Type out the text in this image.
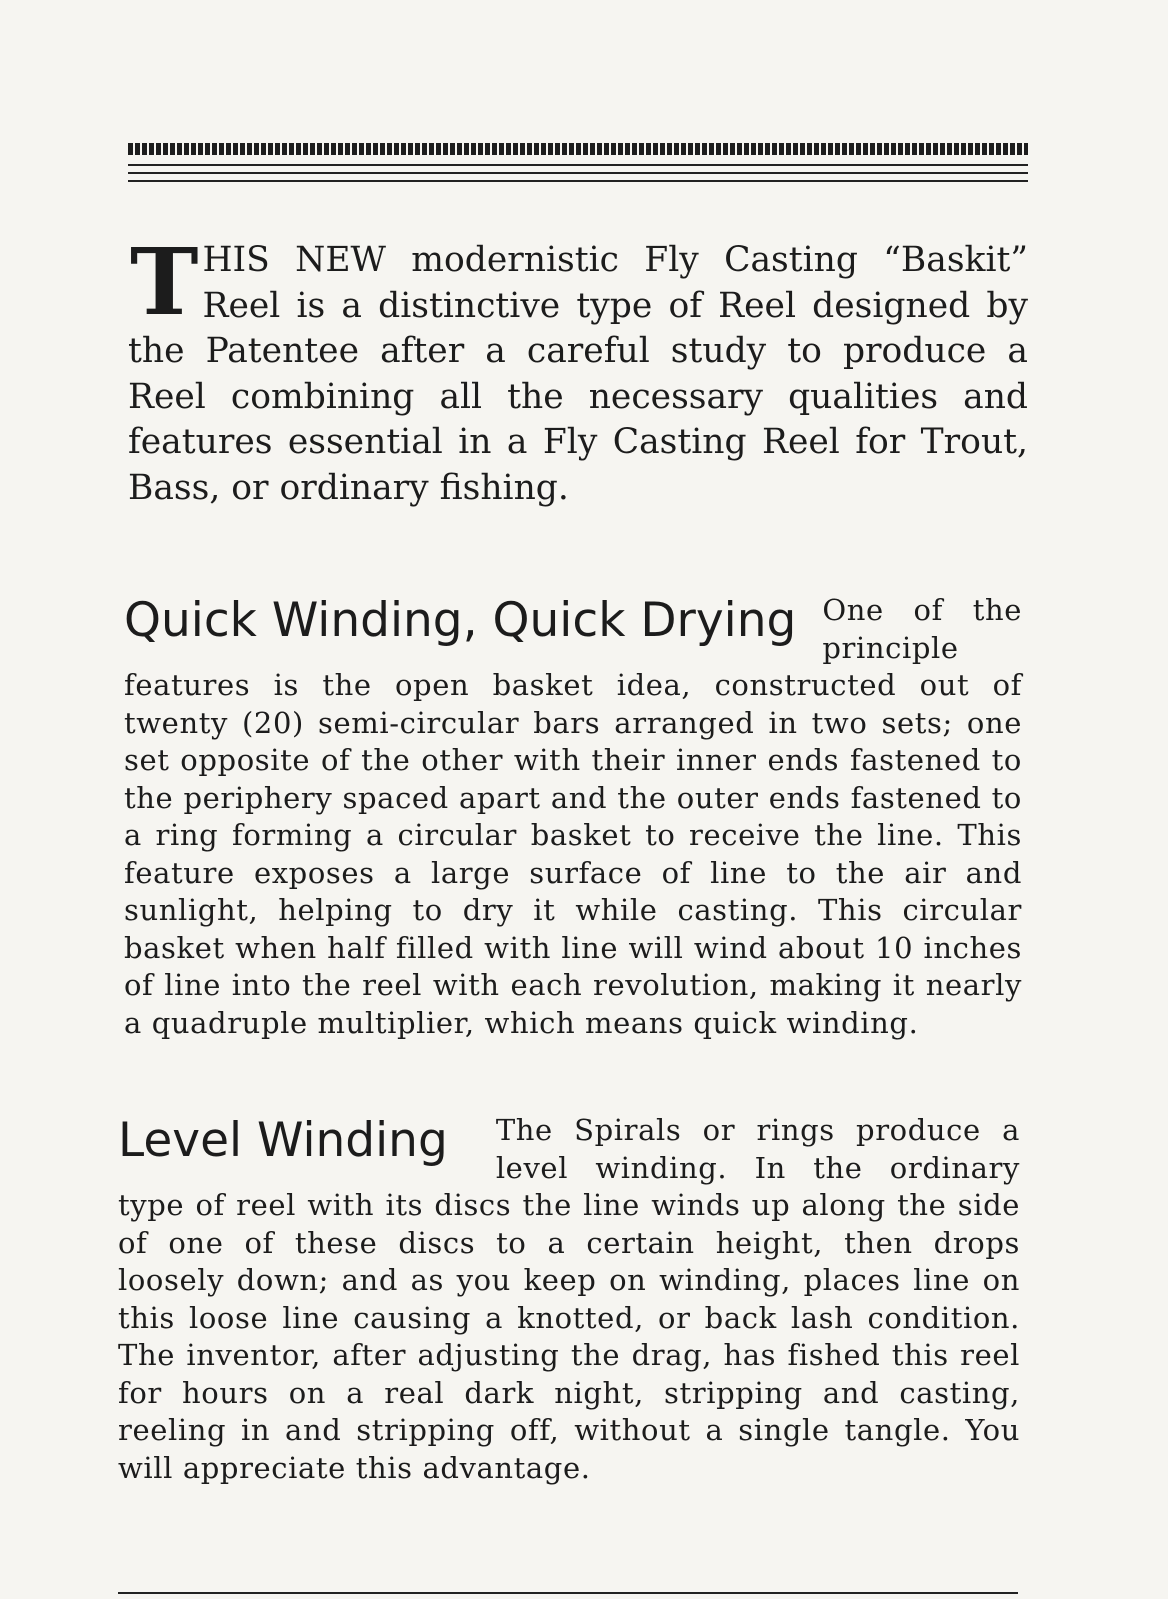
T HIS NEW modernistic Fly Casting “Baskit” Reel is a distinctive type of Reel designed by the Patentee after a careful study to produce a Reel combining all the necessary qualities and features essential in a Fly Casting Reel for Trout, Bass, or ordinary fishing.

Quick Winding, Quick Drying One of the principle features is the open basket idea, constructed out of twenty (20) semi-circular bars arranged in two sets; one set opposite of the other with their inner ends fastened to the periphery spaced apart and the outer ends fastened to a ring forming a circular basket to receive the line. This feature exposes a large surface of line to the air and sunlight, helping to dry it while casting. This circular basket when half filled with line will wind about 10 inches of line into the reel with each revolution, making it nearly a quadruple multiplier, which means quick winding.

Level Winding The Spirals or rings produce a level winding. In the ordinary type of reel with its discs the line winds up along the side of one of these discs to a certain height, then drops loosely down; and as you keep on winding, places line on this loose line causing a knotted, or back lash condition. The inventor, after adjusting the drag, has fished this reel for hours on a real dark night, stripping and casting, reeling in and stripping off, without a single tangle. You will appreciate this advantage.
